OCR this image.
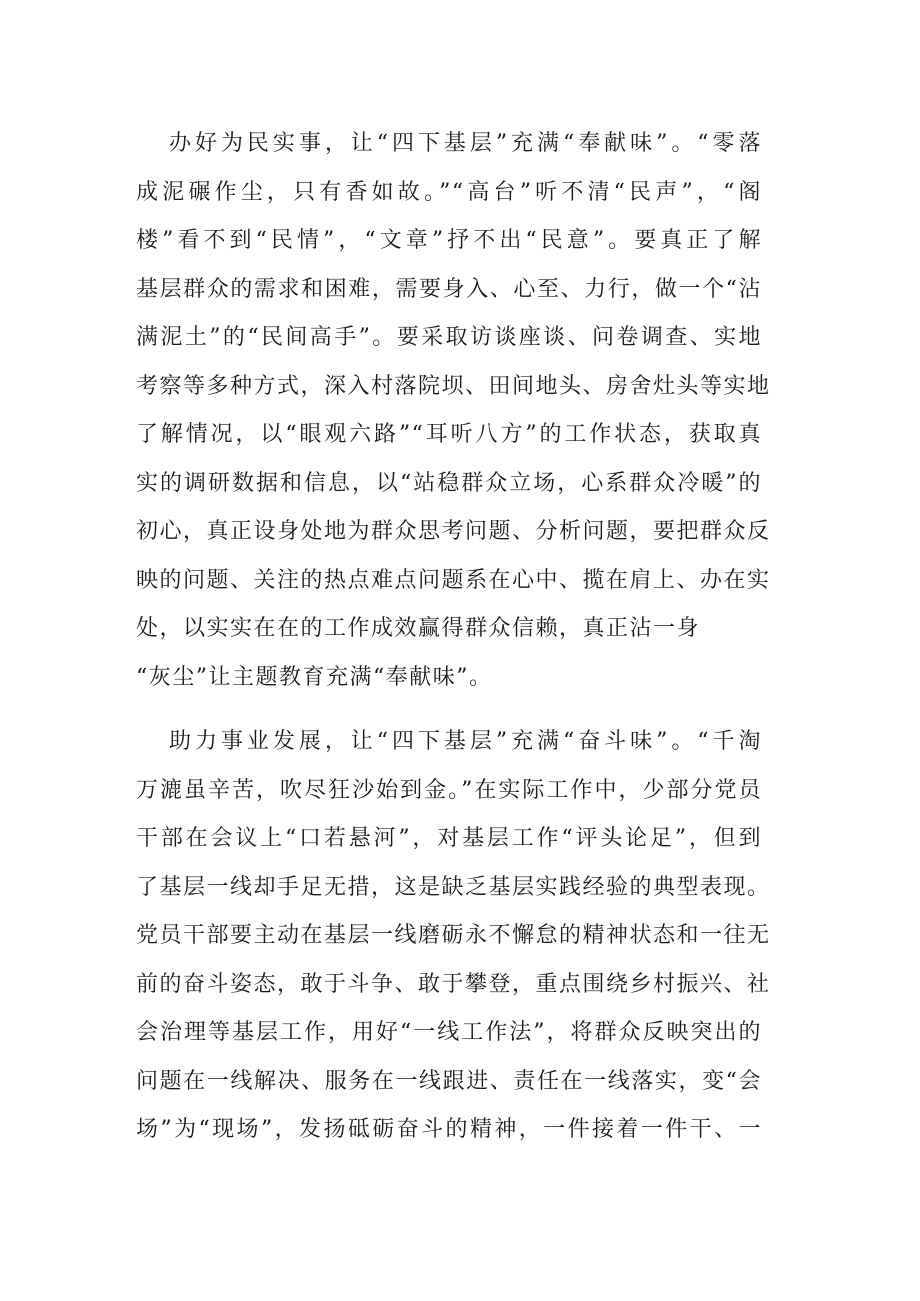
办好为民实事，让“四下基层”充满“奉献味”。“零落
成泥碾作尘，只有香如故。”“高台”听不清“民声”，“阁
楼”看不到“民情”，“文章”抒不出“民意”。要真正了解
基层群众的需求和困难，需要身入、心至、力行，做一个“沾
满泥土”的“民间高手”。要采取访谈座谈、问卷调查、实地
考察等多种方式，深入村落院坝、田间地头、房舍灶头等实地
了解情况，以“眼观六路”“耳听八方”的工作状态，获取真
实的调研数据和信息，以“站稳群众立场，心系群众冷暖”的
初心，真正设身处地为群众思考问题、分析问题，要把群众反
映的问题、关注的热点难点问题系在心中、揽在肩上、办在实
处，以实实在在的工作成效赢得群众信赖，真正沾一身
“灰尘”让主题教育充满“奉献味”。
助力事业发展，让“四下基层”充满“奋斗味”。“千淘
万漉虽辛苦，吹尽狂沙始到金。”在实际工作中，少部分党员
干部在会议上“口若悬河”，对基层工作“评头论足”，但到
了基层一线却手足无措，这是缺乏基层实践经验的典型表现。
党员干部要主动在基层一线磨砺永不懈怠的精神状态和一往无
前的奋斗姿态，敢于斗争、敢于攀登，重点围绕乡村振兴、社
会治理等基层工作，用好“一线工作法”，将群众反映突出的
问题在一线解决、服务在一线跟进、责任在一线落实，变“会
场”为“现场”，发扬砥砺奋斗的精神，一件接着一件干、一
